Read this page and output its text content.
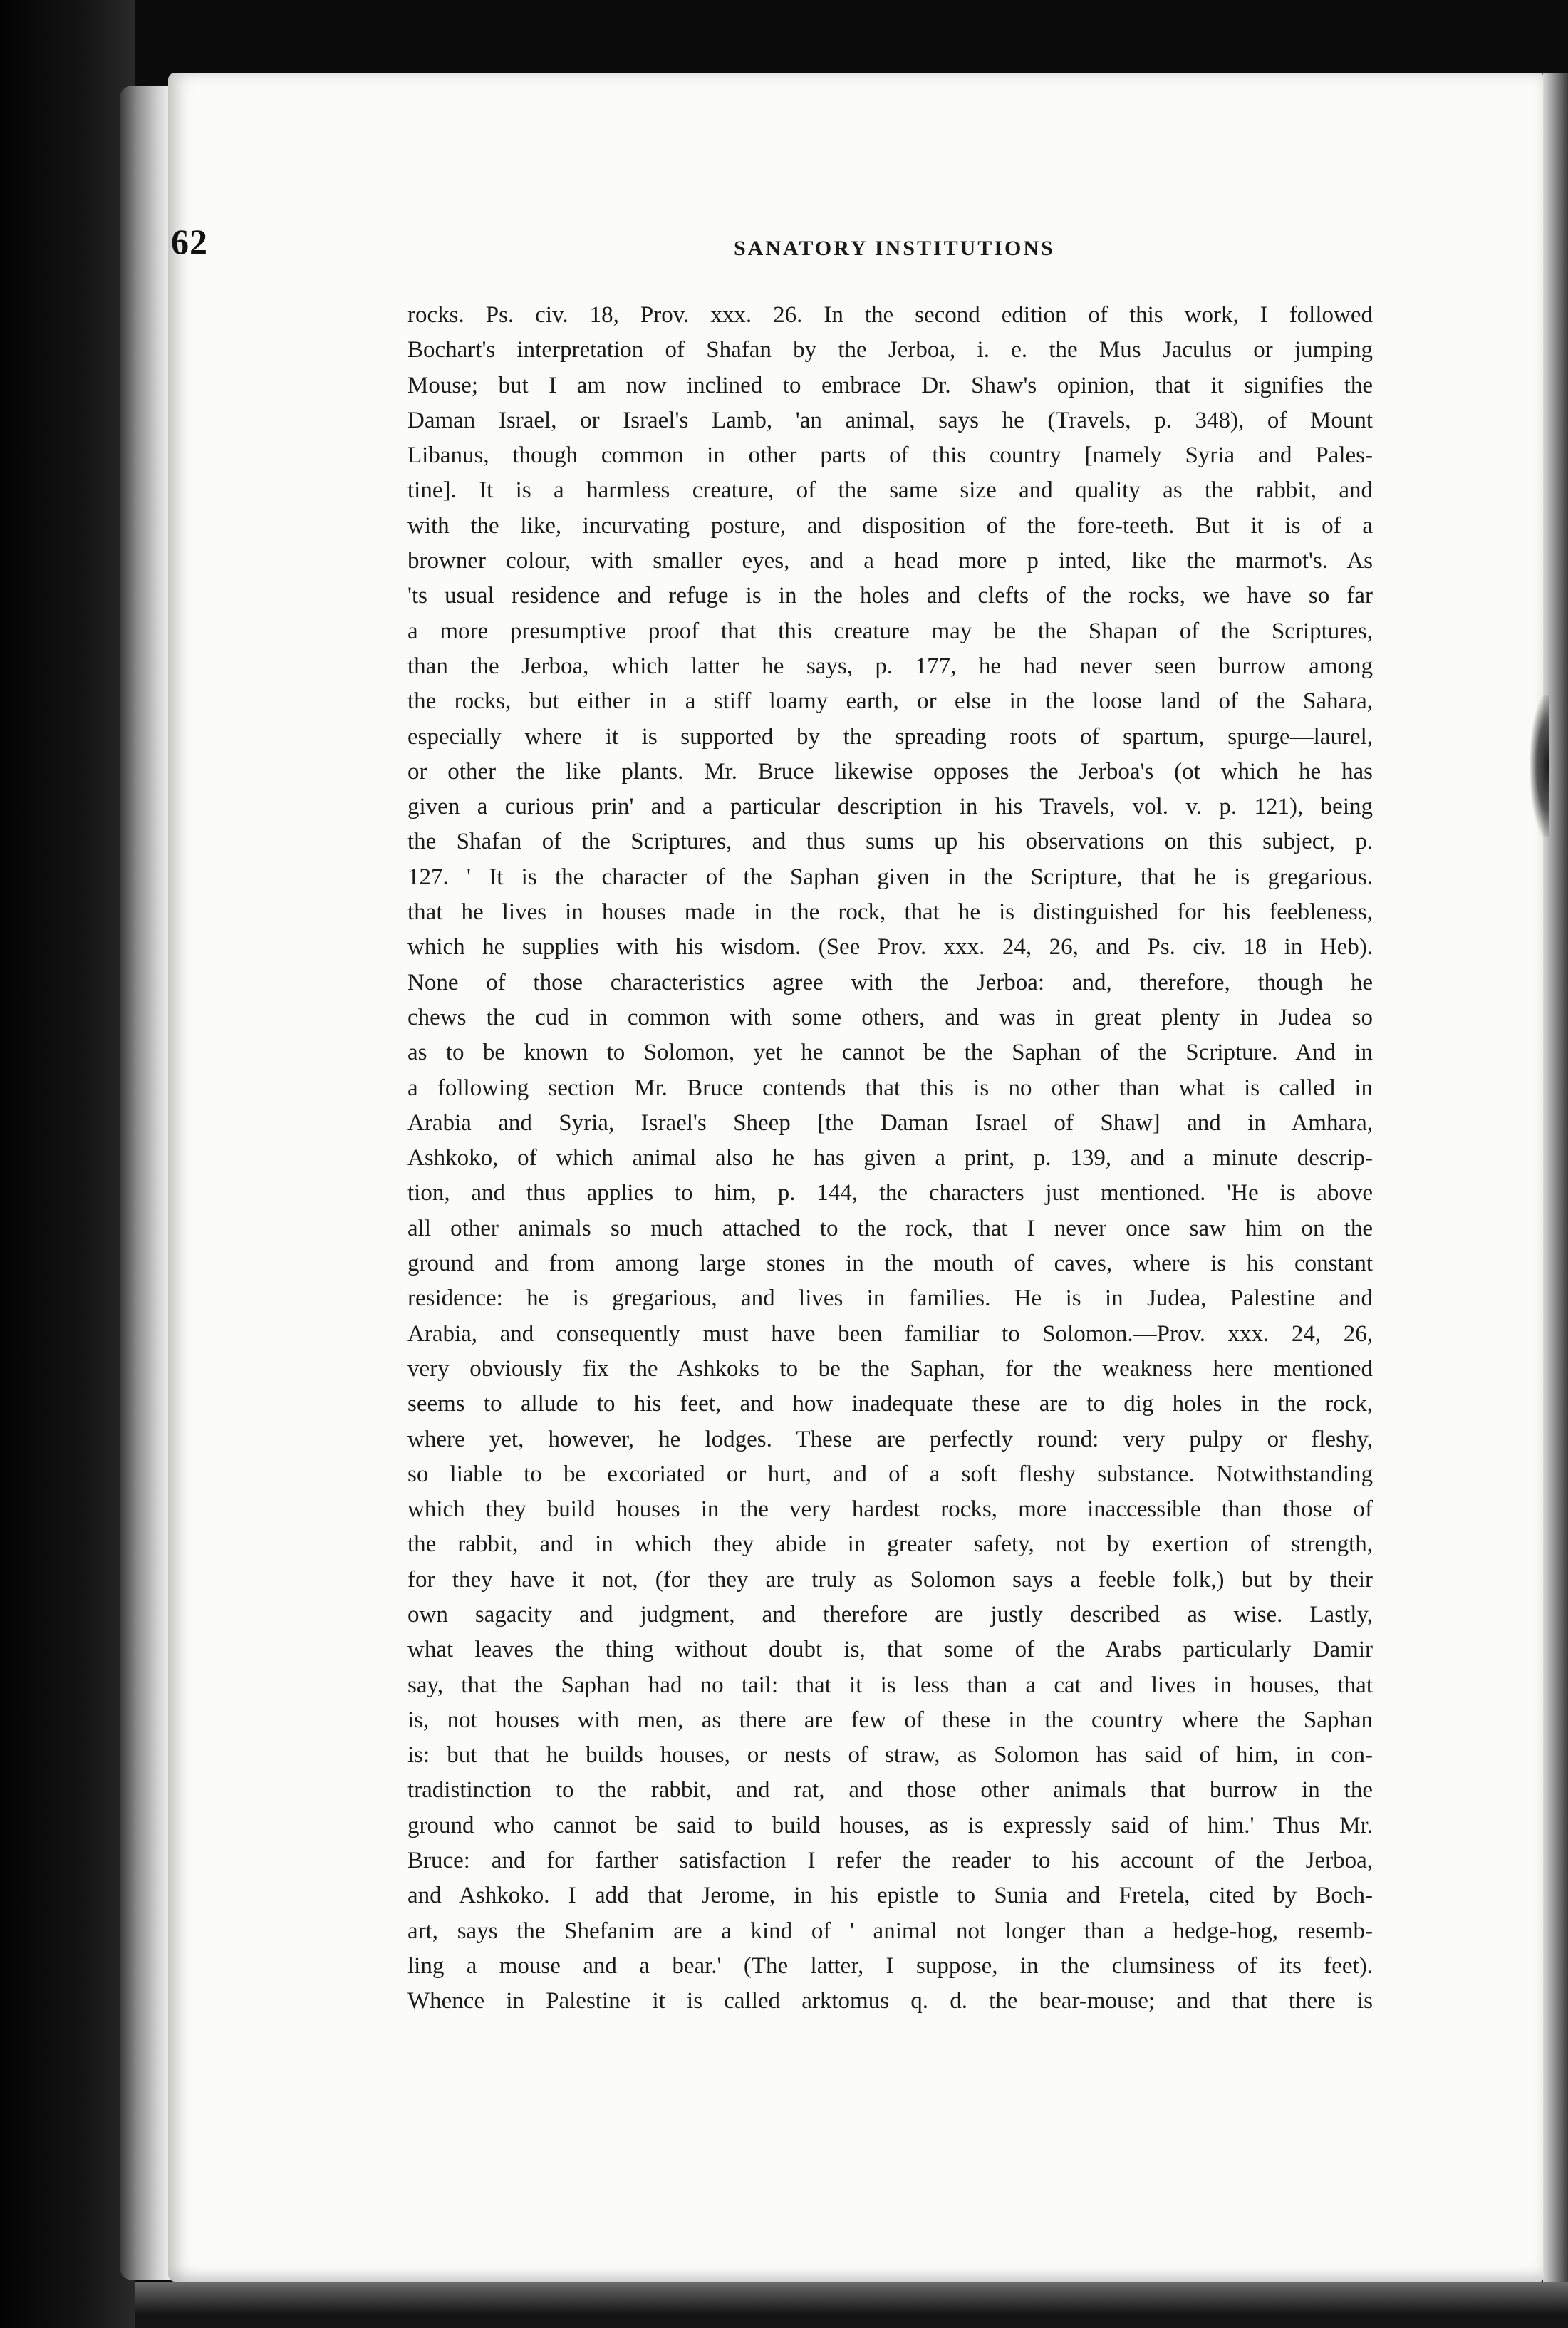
62	SANATORY INSTITUTIONS
rocks. Ps. civ. 18, Prov. xxx. 26. In the second edition of this work, I followed
Bochart's interpretation of Shafan by the Jerboa, i. e. the Mus Jaculus or jumping
Mouse; but I am now inclined to embrace Dr. Shaw's opinion, that it signifies the
Daman Israel, or Israel's Lamb, 'an animal, says he (Travels, p. 348), of Mount
Libanus, though common in other parts of this country [namely Syria and Pales-
tine]. It is a harmless creature, of the same size and quality as the rabbit, and
with the like, incurvating posture, and disposition of the fore-teeth. But it is of a
browner colour, with smaller eyes, and a head more p inted, like the marmot's. As
'ts usual residence and refuge is in the holes and clefts of the rocks, we have so far
a more presumptive proof that this creature may be the Shapan of the Scriptures,
than the Jerboa, which latter he says, p. 177, he had never seen burrow among
the rocks, but either in a stiff loamy earth, or else in the loose land of the Sahara,
especially where it is supported by the spreading roots of spartum, spurge—laurel,
or other the like plants. Mr. Bruce likewise opposes the Jerboa's (ot which he has
given a curious prin' and a particular description in his Travels, vol. v. p. 121), being
the Shafan of the Scriptures, and thus sums up his observations on this subject, p.
127. ' It is the character of the Saphan given in the Scripture, that he is gregarious.
that he lives in houses made in the rock, that he is distinguished for his feebleness,
which he supplies with his wisdom. (See Prov. xxx. 24, 26, and Ps. civ. 18 in Heb).
None of those characteristics agree with the Jerboa: and, therefore, though he
chews the cud in common with some others, and was in great plenty in Judea so
as to be known to Solomon, yet he cannot be the Saphan of the Scripture. And in
a following section Mr. Bruce contends that this is no other than what is called in
Arabia and Syria, Israel's Sheep [the Daman Israel of Shaw] and in Amhara,
Ashkoko, of which animal also he has given a print, p. 139, and a minute descrip-
tion, and thus applies to him, p. 144, the characters just mentioned. 'He is above
all other animals so much attached to the rock, that I never once saw him on the
ground and from among large stones in the mouth of caves, where is his constant
residence: he is gregarious, and lives in families. He is in Judea, Palestine and
Arabia, and consequently must have been familiar to Solomon.—Prov. xxx. 24, 26,
very obviously fix the Ashkoks to be the Saphan, for the weakness here mentioned
seems to allude to his feet, and how inadequate these are to dig holes in the rock,
where yet, however, he lodges. These are perfectly round: very pulpy or fleshy,
so liable to be excoriated or hurt, and of a soft fleshy substance. Notwithstanding
which they build houses in the very hardest rocks, more inaccessible than those of
the rabbit, and in which they abide in greater safety, not by exertion of strength,
for they have it not, (for they are truly as Solomon says a feeble folk,) but by their
own sagacity and judgment, and therefore are justly described as wise. Lastly,
what leaves the thing without doubt is, that some of the Arabs particularly Damir
say, that the Saphan had no tail: that it is less than a cat and lives in houses, that
is, not houses with men, as there are few of these in the country where the Saphan
is: but that he builds houses, or nests of straw, as Solomon has said of him, in con-
tradistinction to the rabbit, and rat, and those other animals that burrow in the
ground who cannot be said to build houses, as is expressly said of him.' Thus Mr.
Bruce: and for farther satisfaction I refer the reader to his account of the Jerboa,
and Ashkoko. I add that Jerome, in his epistle to Sunia and Fretela, cited by Boch-
art, says the Shefanim are a kind of ' animal not longer than a hedge-hog, resemb-
ling a mouse and a bear.' (The latter, I suppose, in the clumsiness of its feet).
Whence in Palestine it is called arktomus q. d. the bear-mouse; and that there is
